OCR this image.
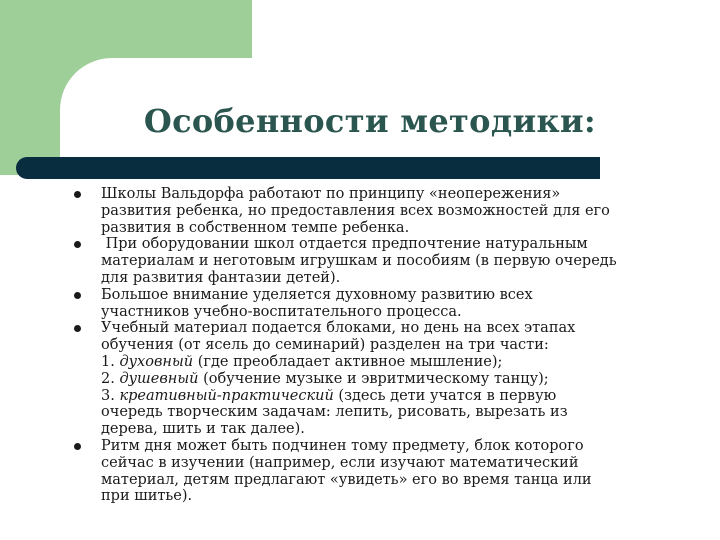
Особенности методики:
Школы Вальдорфа работают по принципу «неопережения»
развития ребенка, но предоставления всех возможностей для его
развития в собственном темпе ребенка.
При оборудовании школ отдается предпочтение натуральным
материалам и неготовым игрушкам и пособиям (в первую очередь
для развития фантазии детей).
Большое внимание уделяется духовному развитию всех
участников учебно-воспитательного процесса.
Учебный материал подается блоками, но день на всех этапах
обучения (от ясель до семинарий) разделен на три части:
1. духовный (где преобладает активное мышление);
2. душевный (обучение музыке и эвритмическому танцу);
3. креативный-практический (здесь дети учатся в первую
очередь творческим задачам: лепить, рисовать, вырезать из
дерева, шить и так далее).
Ритм дня может быть подчинен тому предмету, блок которого
сейчас в изучении (например, если изучают математический
материал, детям предлагают «увидеть» его во время танца или
при шитье).
